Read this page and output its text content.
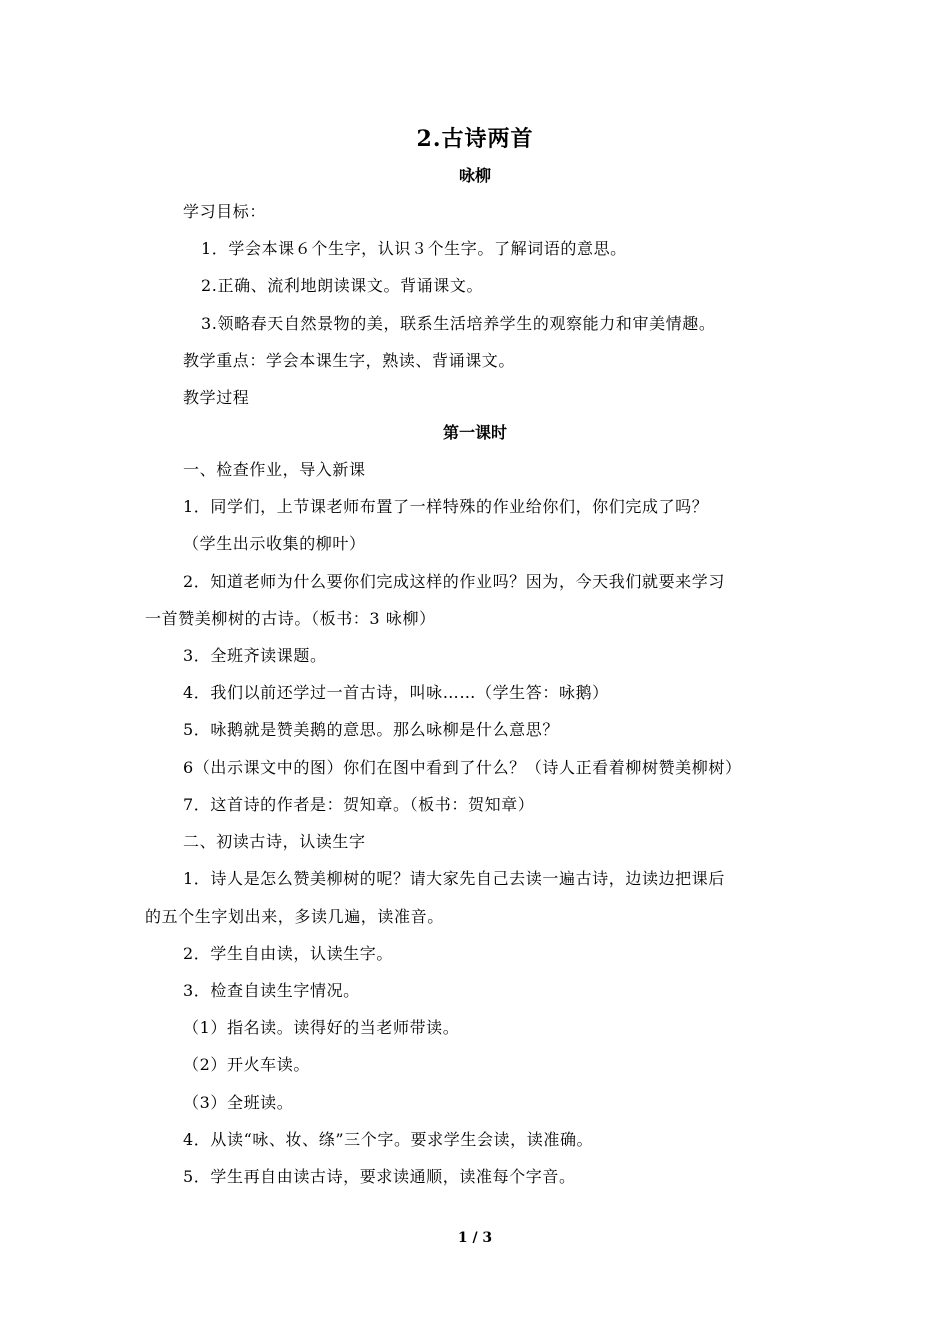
2.古诗两首
咏柳
学习目标：
1．学会本课６个生字，认识３个生字。了解词语的意思。
2.正确、流利地朗读课文。背诵课文。
3.领略春天自然景物的美，联系生活培养学生的观察能力和审美情趣。
教学重点：学会本课生字，熟读、背诵课文。
教学过程
第一课时
一、检查作业，导入新课
1．同学们，上节课老师布置了一样特殊的作业给你们，你们完成了吗？
（学生出示收集的柳叶）
2．知道老师为什么要你们完成这样的作业吗？因为，今天我们就要来学习
一首赞美柳树的古诗。（板书：3 咏柳）
3．全班齐读课题。
4．我们以前还学过一首古诗，叫咏……（学生答：咏鹅）
5．咏鹅就是赞美鹅的意思。那么咏柳是什么意思？
6（出示课文中的图）你们在图中看到了什么？（诗人正看着柳树赞美柳树）
7．这首诗的作者是：贺知章。（板书：贺知章）
二、初读古诗，认读生字
1．诗人是怎么赞美柳树的呢？请大家先自己去读一遍古诗，边读边把课后
的五个生字划出来，多读几遍，读准音。
2．学生自由读，认读生字。
3．检查自读生字情况。
（1）指名读。读得好的当老师带读。
（2）开火车读。
（3）全班读。
4．从读“咏、妆、绦”三个字。要求学生会读，读准确。
5．学生再自由读古诗，要求读通顺，读准每个字音。
1 / 3
